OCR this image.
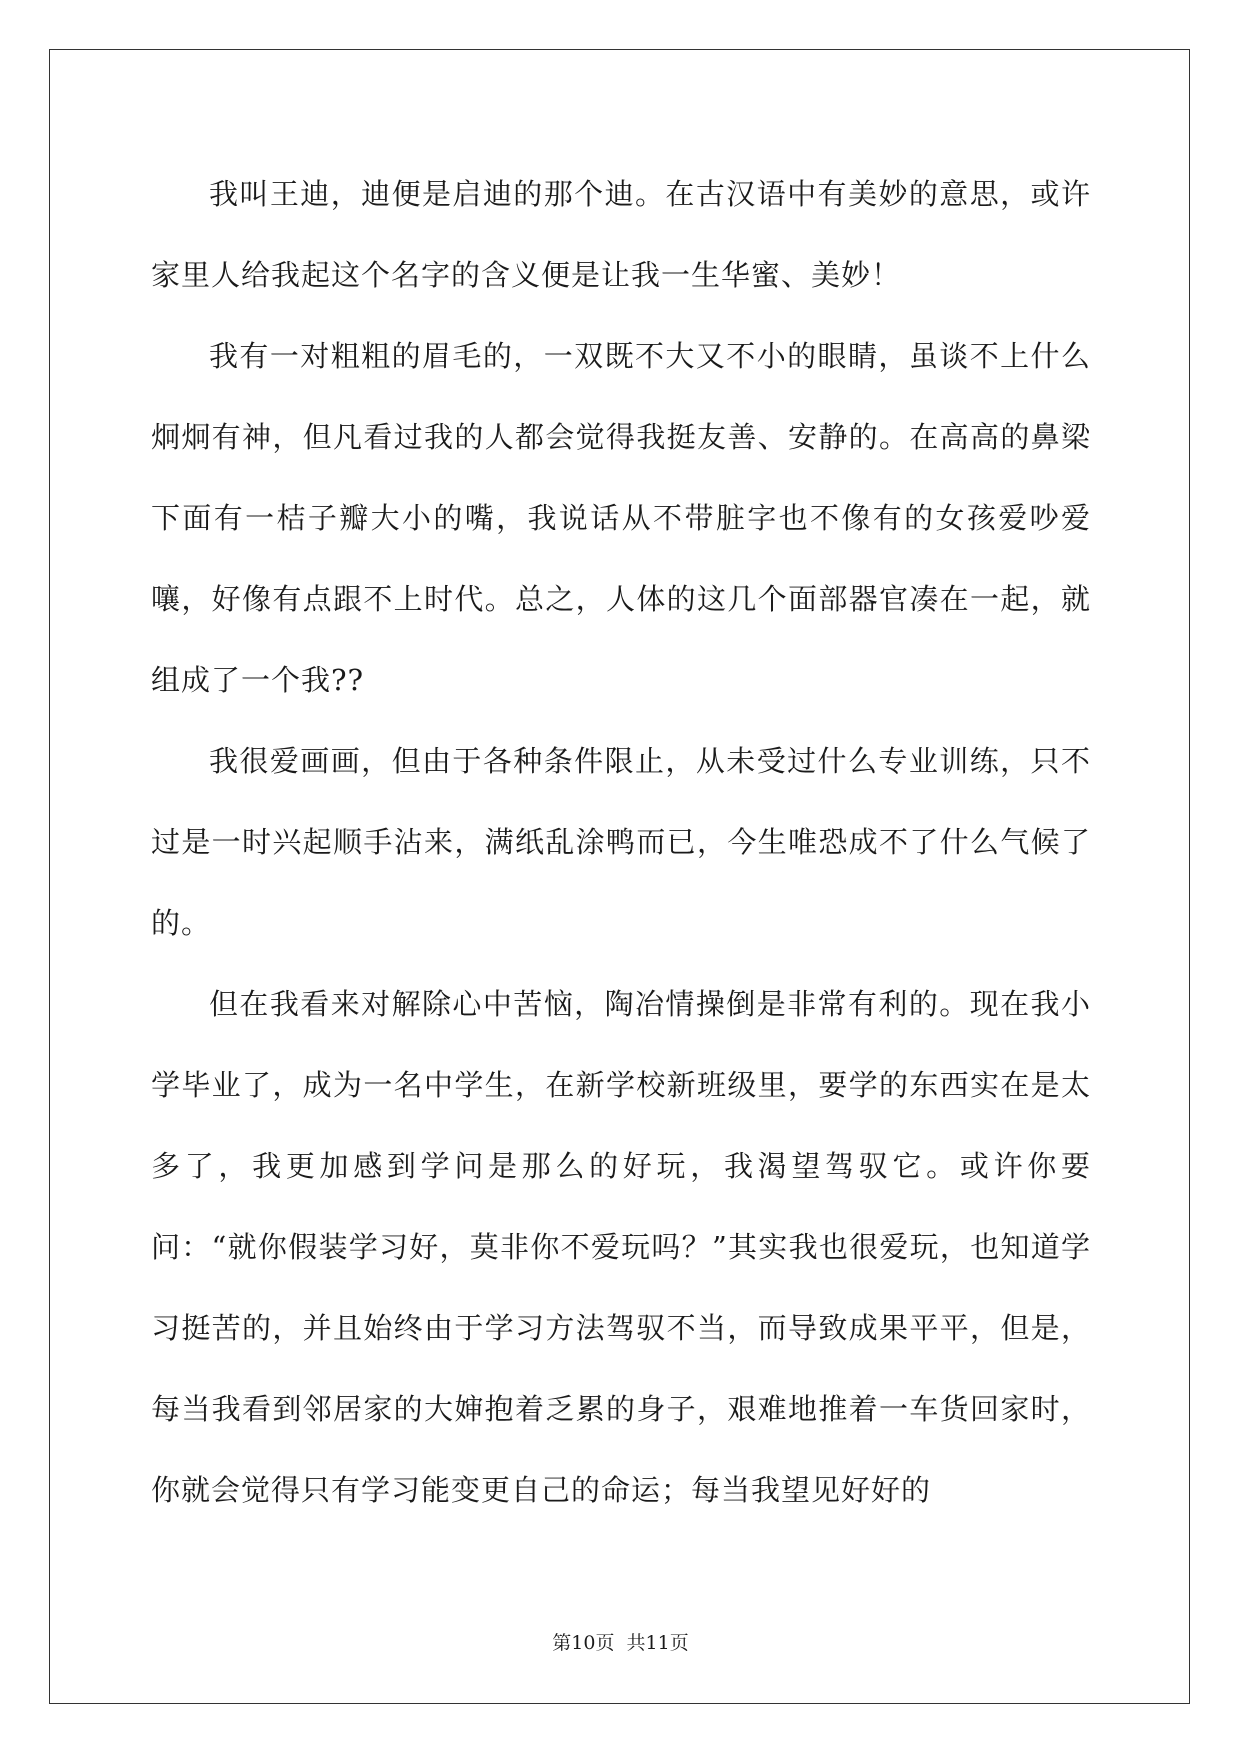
我叫王迪，迪便是启迪的那个迪。在古汉语中有美妙的意思，或许家里人给我起这个名字的含义便是让我一生华蜜、美妙！

我有一对粗粗的眉毛的，一双既不大又不小的眼睛，虽谈不上什么炯炯有神，但凡看过我的人都会觉得我挺友善、安静的。在高高的鼻梁下面有一桔子瓣大小的嘴，我说话从不带脏字也不像有的女孩爱吵爱嚷，好像有点跟不上时代。总之，人体的这几个面部器官凑在一起，就组成了一个我??

我很爱画画，但由于各种条件限止，从未受过什么专业训练，只不过是一时兴起顺手沾来，满纸乱涂鸭而已，今生唯恐成不了什么气候了的。

但在我看来对解除心中苦恼，陶冶情操倒是非常有利的。现在我小学毕业了，成为一名中学生，在新学校新班级里，要学的东西实在是太多了，我更加感到学问是那么的好玩，我渴望驾驭它。或许你要问：“就你假装学习好，莫非你不爱玩吗？”其实我也很爱玩，也知道学习挺苦的，并且始终由于学习方法驾驭不当，而导致成果平平，但是，每当我看到邻居家的大婶抱着乏累的身子，艰难地推着一车货回家时，你就会觉得只有学习能变更自己的命运；每当我望见好好的

第10页  共11页
